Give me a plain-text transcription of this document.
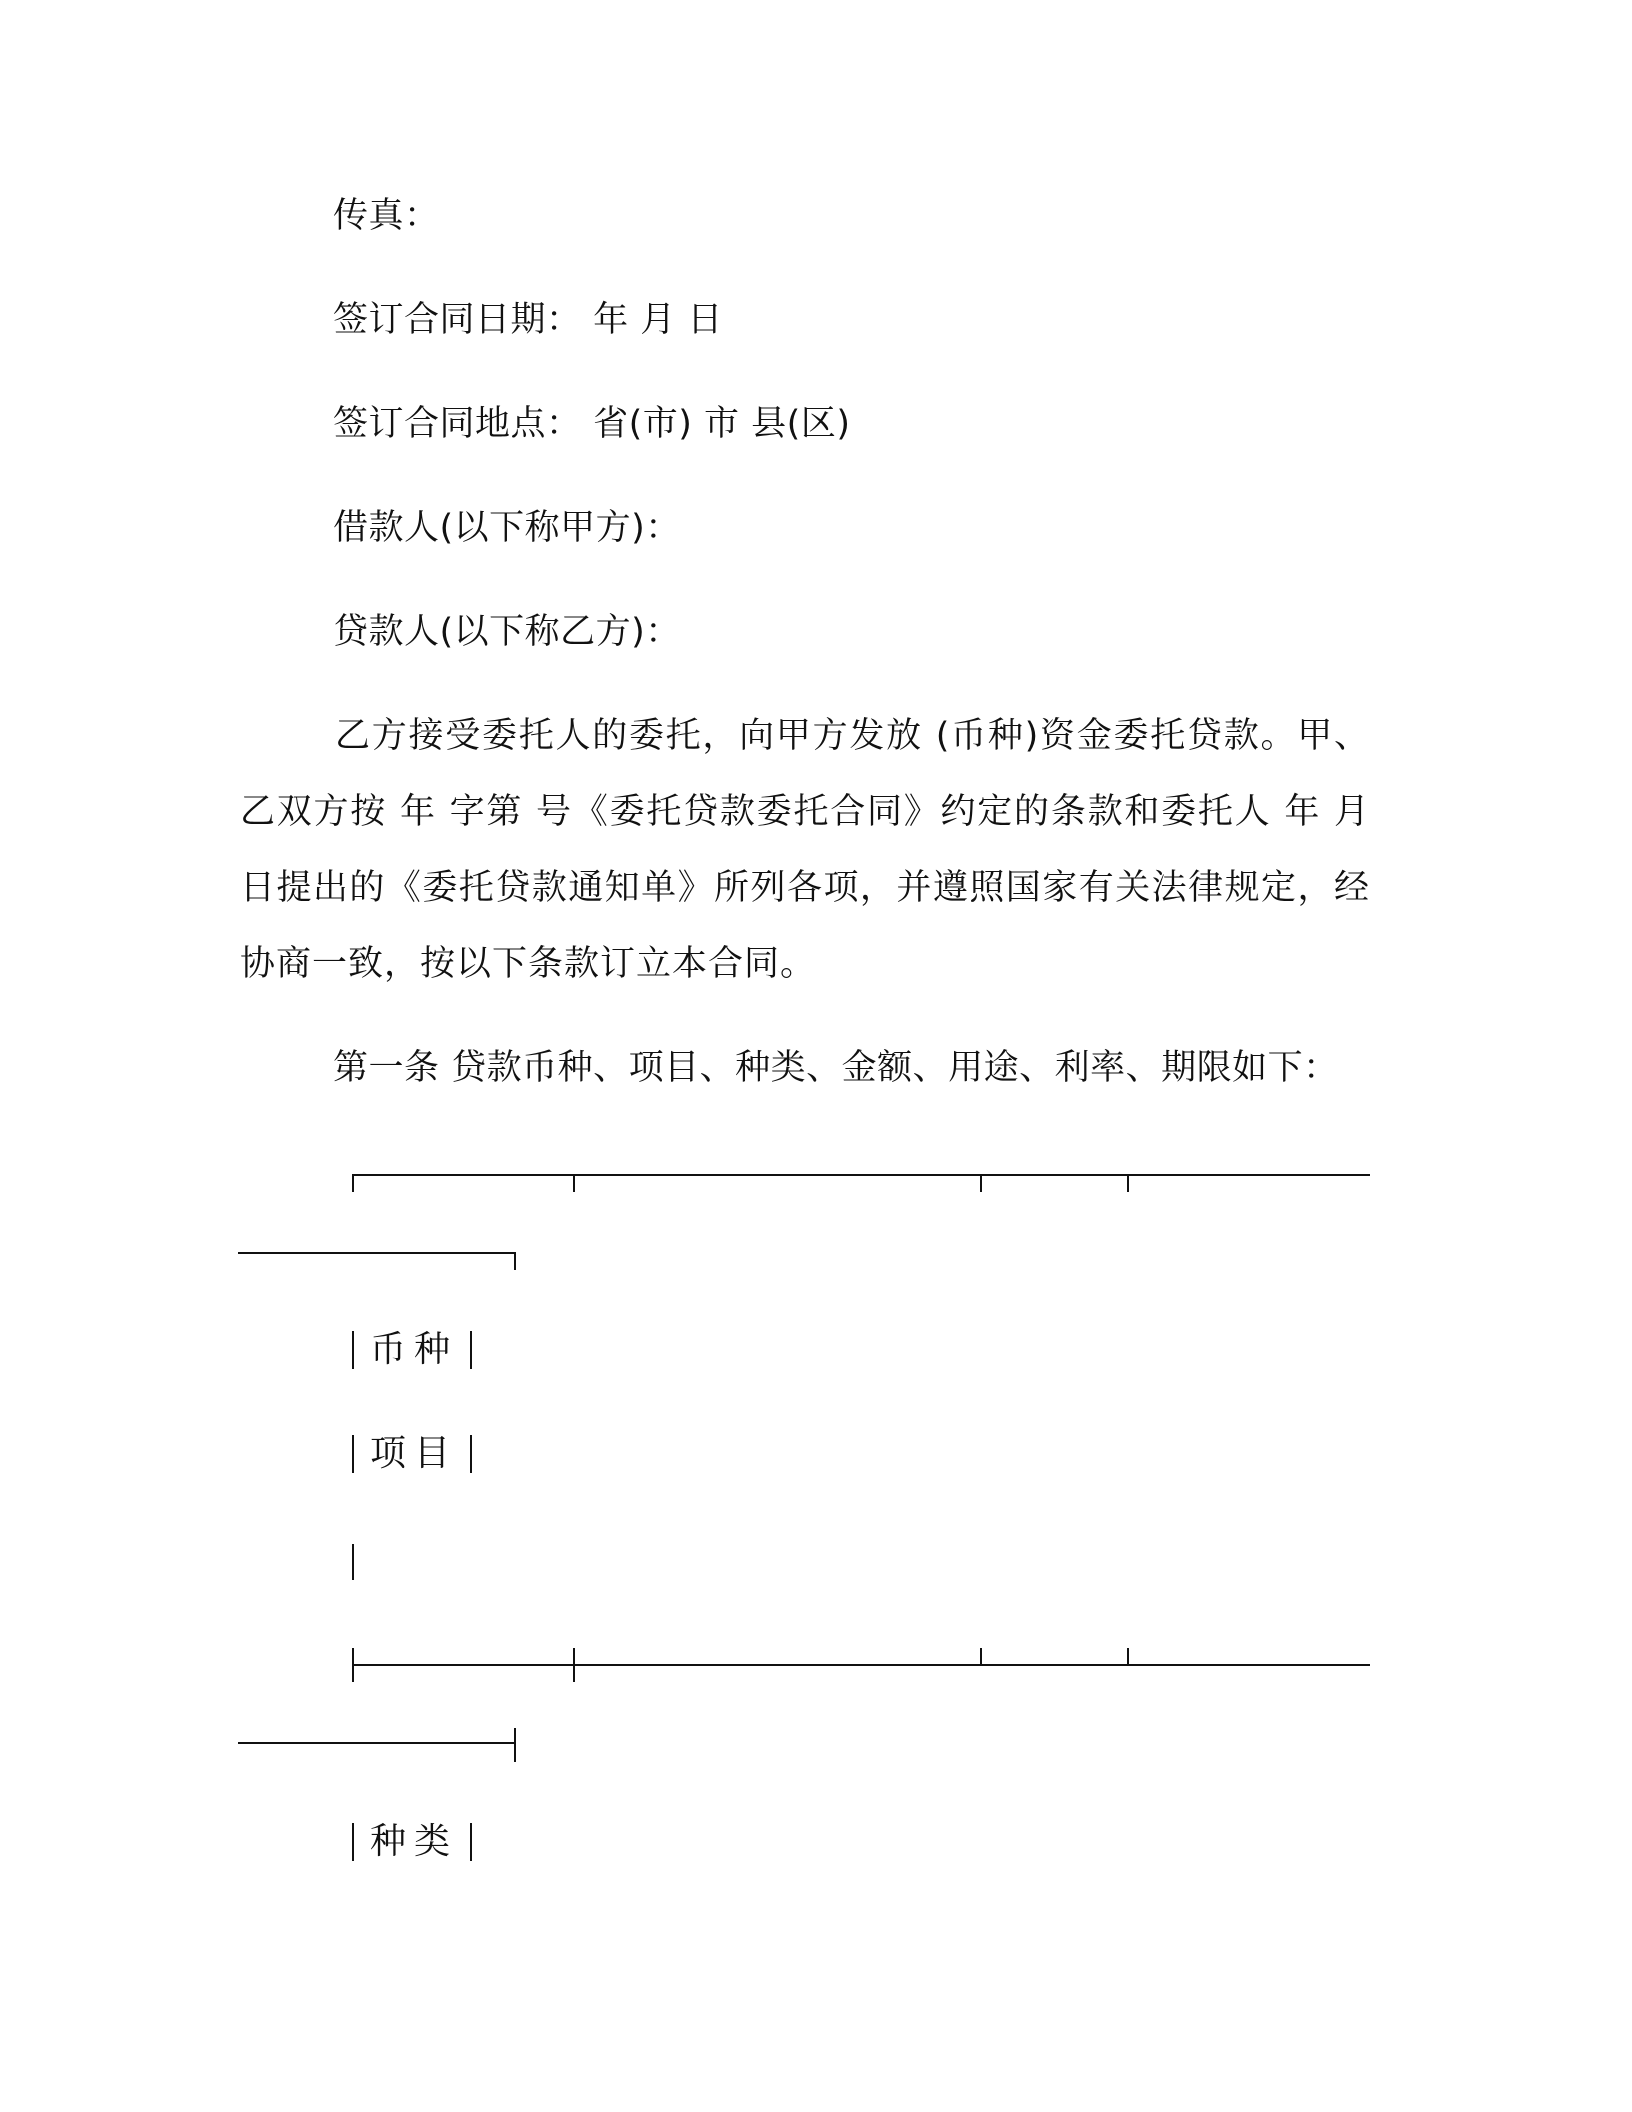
传真：
签订合同日期： 年 月 日
签订合同地点： 省(市) 市 县(区)
借款人(以下称甲方)：
贷款人(以下称乙方)：
乙方接受委托人的委托，向甲方发放 (币种)资金委托贷款。甲、乙双方按 年 字第 号《委托贷款委托合同》约定的条款和委托人 年 月日提出的《委托贷款通知单》所列各项，并遵照国家有关法律规定，经协商一致，按以下条款订立本合同。
第一条 贷款币种、项目、种类、金额、用途、利率、期限如下：
币种
项目
种类
